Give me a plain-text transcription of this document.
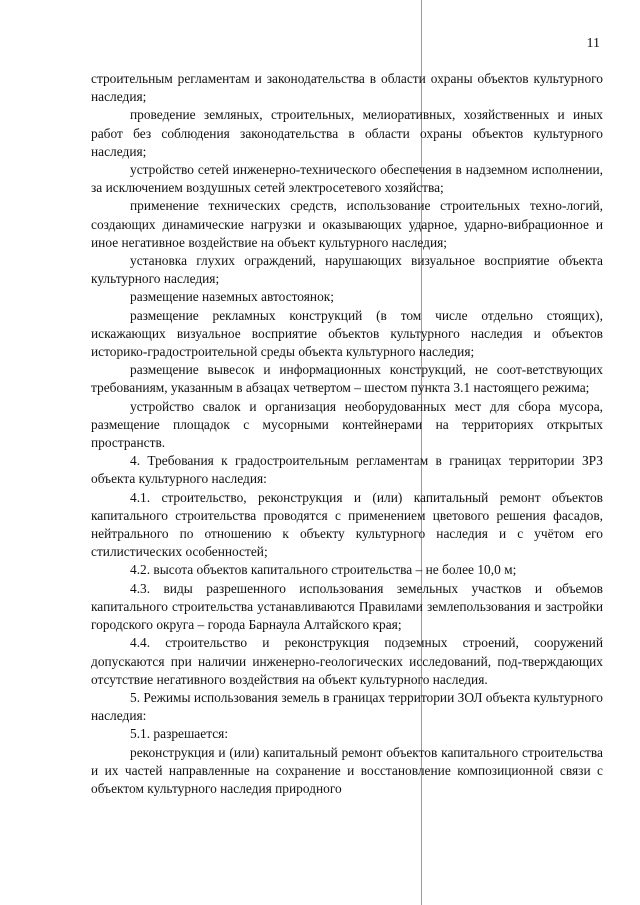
11

строительным регламентам и законодательства в области охраны объектов культурного наследия;

проведение земляных, строительных, мелиоративных, хозяйственных и иных работ без соблюдения законодательства в области охраны объектов культурного наследия;

устройство сетей инженерно-технического обеспечения в надземном исполнении, за исключением воздушных сетей электросетевого хозяйства;

применение технических средств, использование строительных техно-логий, создающих динамические нагрузки и оказывающих ударное, ударно-вибрационное и иное негативное воздействие на объект культурного наследия;

установка глухих ограждений, нарушающих визуальное восприятие объекта культурного наследия;

размещение наземных автостоянок;

размещение рекламных конструкций (в том числе отдельно стоящих), искажающих визуальное восприятие объектов культурного наследия и объектов историко-градостроительной среды объекта культурного наследия;

размещение вывесок и информационных конструкций, не соот-ветствующих требованиям, указанным в абзацах четвертом – шестом пункта 3.1 настоящего режима;

устройство свалок и организация необорудованных мест для сбора мусора, размещение площадок с мусорными контейнерами на территориях открытых пространств.

4. Требования к градостроительным регламентам в границах территории ЗРЗ объекта культурного наследия:

4.1. строительство, реконструкция и (или) капитальный ремонт объектов капитального строительства проводятся с применением цветового решения фасадов, нейтрального по отношению к объекту культурного наследия и с учётом его стилистических особенностей;

4.2. высота объектов капитального строительства – не более 10,0 м;

4.3. виды разрешенного использования земельных участков и объемов капитального строительства устанавливаются Правилами землепользования и застройки городского округа – города Барнаула Алтайского края;

4.4. строительство и реконструкция подземных строений, сооружений допускаются при наличии инженерно-геологических исследований, под-тверждающих отсутствие негативного воздействия на объект культурного наследия.

5. Режимы использования земель в границах территории ЗОЛ объекта культурного наследия:

5.1. разрешается:

реконструкция и (или) капитальный ремонт объектов капитального строительства и их частей направленные на сохранение и восстановление композиционной связи с объектом культурного наследия природного
